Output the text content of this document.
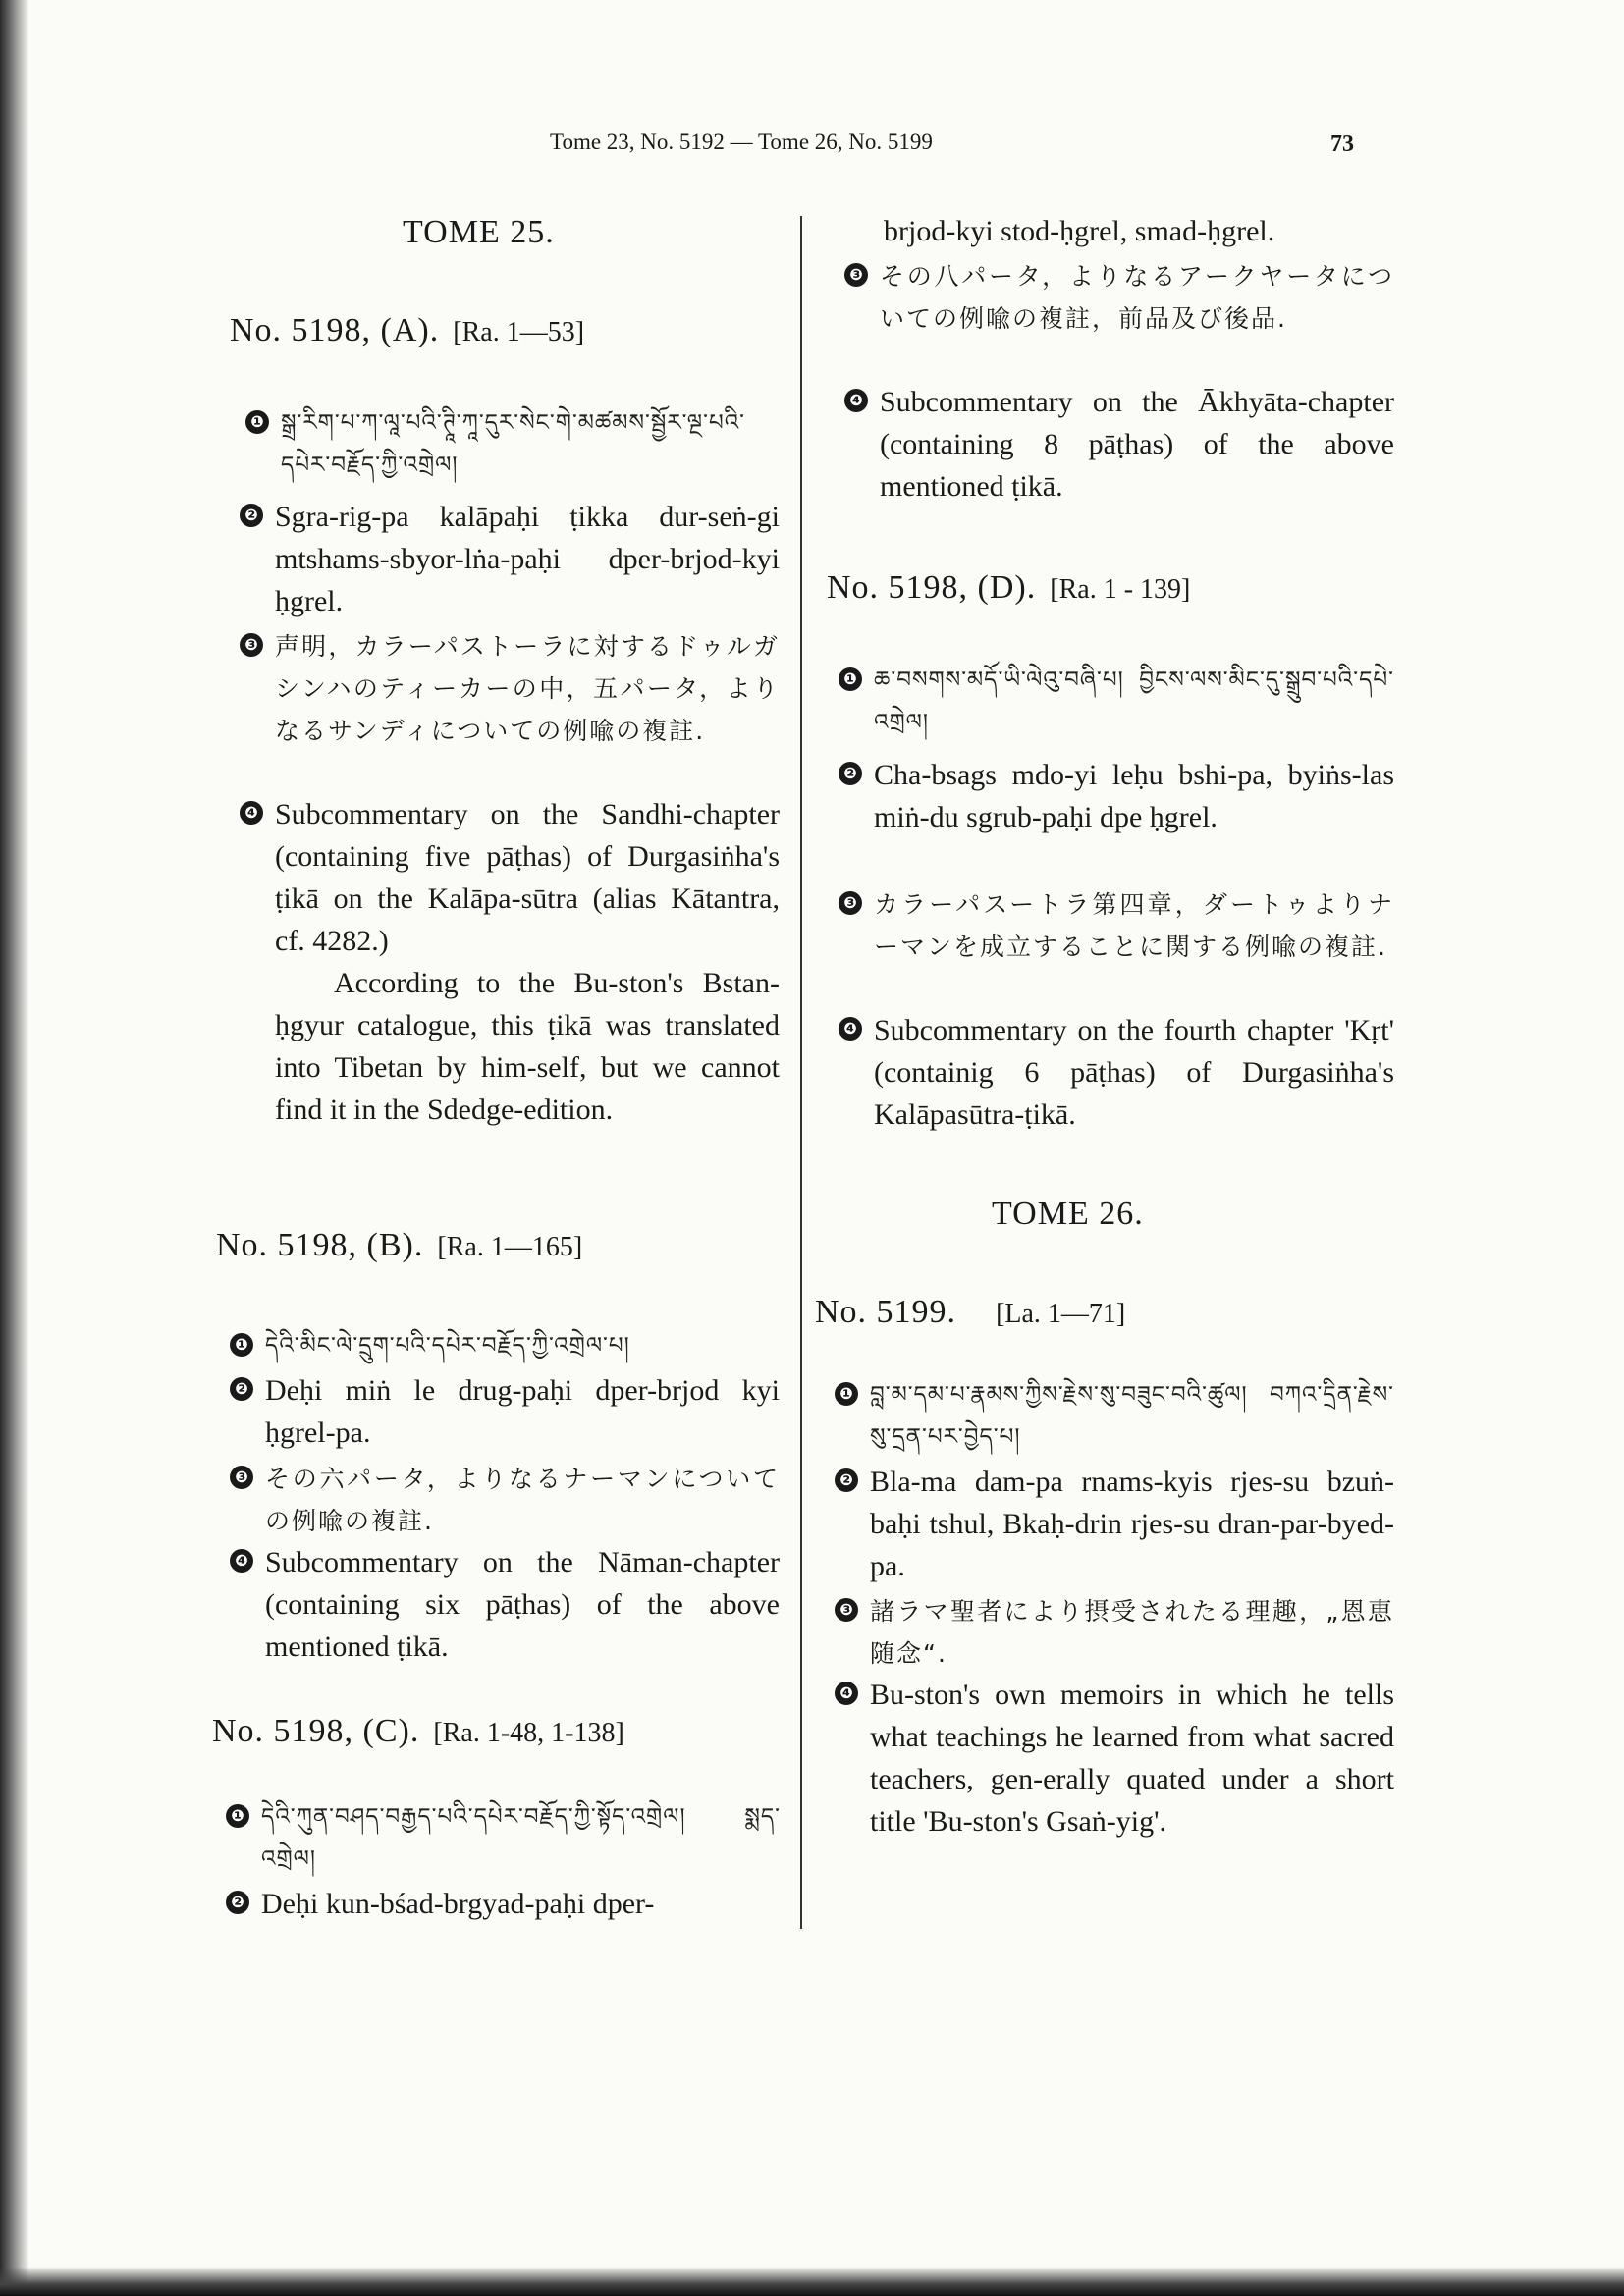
Tome 23, No. 5192 — Tome 26, No. 5199	73
TOME 25.
No. 5198, (A). [Ra. 1—53]
❶ སྒྲ་རིག་པ་ཀ་ལཱ་པའི་ཊཱི་ཀཱ་དུར་སེང་གེ་མཚམས་སྦྱོར་ལྔ་པའི་དཔེར་བརྗོད་ཀྱི་འགྲེལ།
❷ Sgra-rig-pa kalāpaḥi ṭikka dur-seṅ-gi mtshams-sbyor-lṅa-paḥi dper-brjod-kyi ḥgrel.
❸ 声明，カラーパストーラに対するドゥルガシンハのティーカーの中，五パータ，よりなるサンディについての例喩の複註.
❹ Subcommentary on the Sandhi-chapter (containing five pāṭhas) of Durgasiṅha's ṭikā on the Kalāpa-sūtra (alias Kātantra, cf. 4282.)
According to the Bu-ston's Bstan-ḥgyur catalogue, this ṭikā was translated into Tibetan by him-self, but we cannot find it in the Sdedge-edition.
No. 5198, (B). [Ra. 1—165]
❶ དེའི་མིང་ལེ་དྲུག་པའི་དཔེར་བརྗོད་ཀྱི་འགྲེལ་པ།
❷ Deḥi miṅ le drug-paḥi dper-brjod kyi ḥgrel-pa.
❸ その六パータ，よりなるナーマンについての例喩の複註.
❹ Subcommentary on the Nāman-chapter (containing six pāṭhas) of the above mentioned ṭikā.
No. 5198, (C). [Ra. 1-48, 1-138]
❶ དེའི་ཀུན་བཤད་བརྒྱད་པའི་དཔེར་བརྗོད་ཀྱི་སྟོད་འགྲེལ། སྨད་འགྲེལ།
❷ Deḥi kun-bśad-brgyad-paḥi dper-
brjod-kyi stod-ḥgrel, smad-ḥgrel.
❸ その八パータ，よりなるアークヤータについての例喩の複註，前品及び後品.
❹ Subcommentary on the Ākhyāta-chapter (containing 8 pāṭhas) of the above mentioned ṭikā.
No. 5198, (D). [Ra. 1 - 139]
❶ ཆ་བསགས་མདོ་ཡི་ལེའུ་བཞི་པ། བྱིངས་ལས་མིང་དུ་སྒྲུབ་པའི་དཔེ་འགྲེལ།
❷ Cha-bsags mdo-yi leḥu bshi-pa, byiṅs-las miṅ-du sgrub-paḥi dpe ḥgrel.
❸ カラーパスートラ第四章，ダートゥよりナーマンを成立することに関する例喩の複註.
❹ Subcommentary on the fourth chapter 'Kṛt' (containig 6 pāṭhas) of Durgasiṅha's Kalāpasūtra-ṭikā.
TOME 26.
No. 5199. [La. 1—71]
❶ བླ་མ་དམ་པ་རྣམས་ཀྱིས་རྗེས་སུ་བཟུང་བའི་ཚུལ། བཀའ་དྲིན་རྗེས་སུ་དྲན་པར་བྱེད་པ།
❷ Bla-ma dam-pa rnams-kyis rjes-su bzuṅ-baḥi tshul, Bkaḥ-drin rjes-su dran-par-byed-pa.
❸ 諸ラマ聖者により摂受されたる理趣，„恩恵随念“.
❹ Bu-ston's own memoirs in which he tells what teachings he learned from what sacred teachers, gen-erally quated under a short title 'Bu-ston's Gsaṅ-yig'.
